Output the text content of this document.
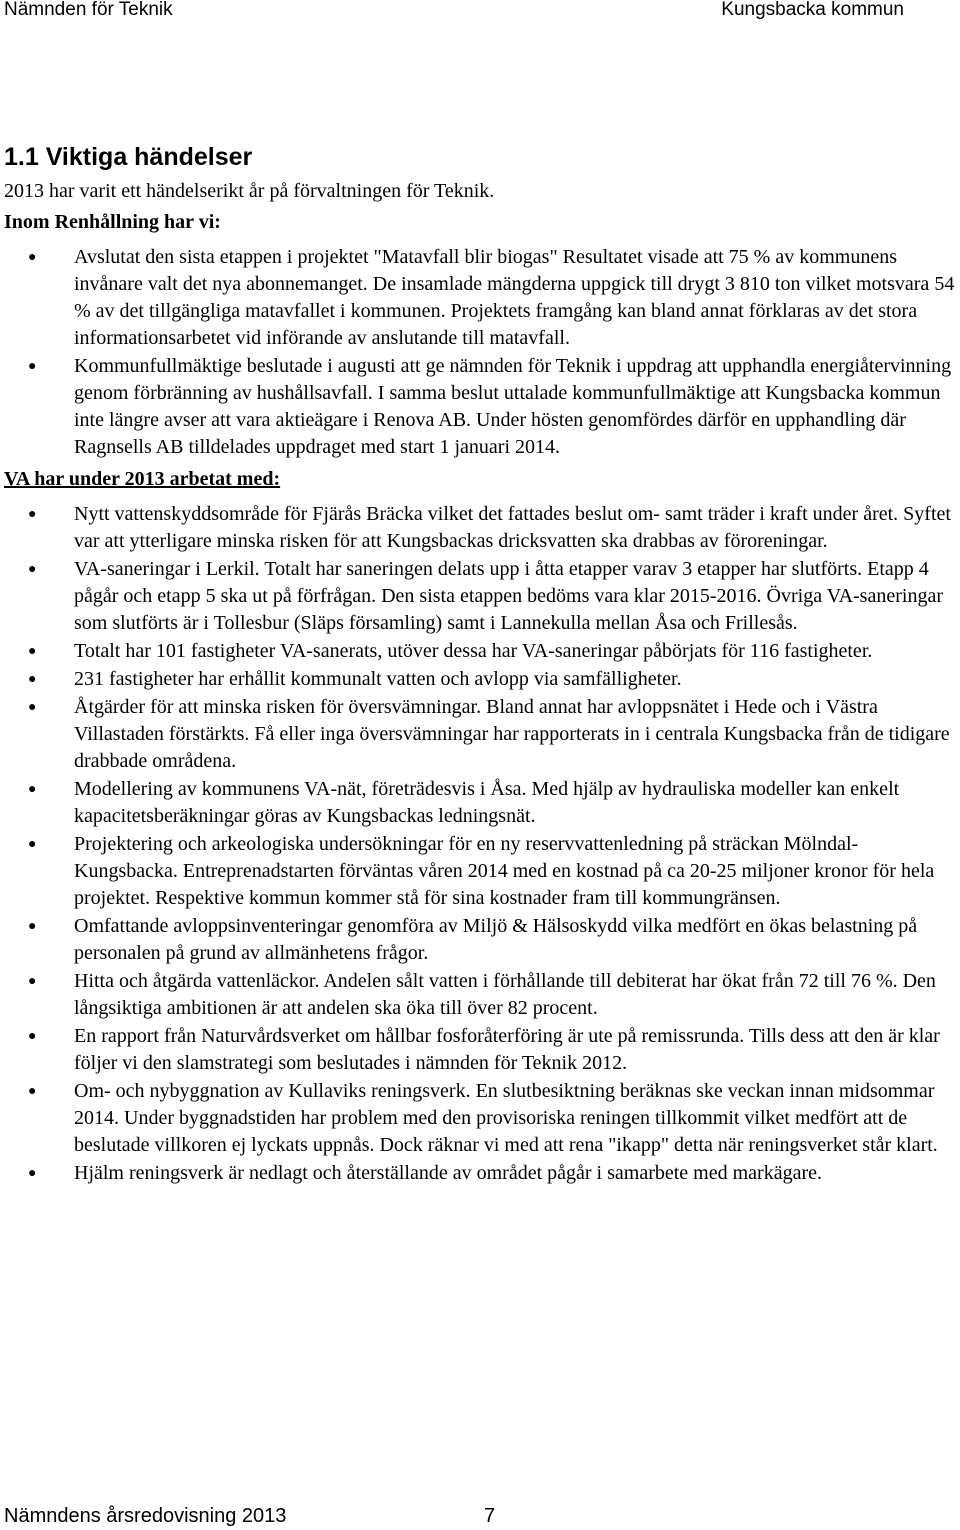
Nämnden för Teknik	Kungsbacka kommun
1.1 Viktiga händelser

2013 har varit ett händelserikt år på förvaltningen för Teknik.

Inom Renhållning har vi:

● Avslutat den sista etappen i projektet "Matavfall blir biogas" Resultatet visade att 75 % av kommunens invånare valt det nya abonnemanget. De insamlade mängderna uppgick till drygt 3 810 ton vilket motsvara 54 % av det tillgängliga matavfallet i kommunen. Projektets framgång kan bland annat förklaras av det stora informationsarbetet vid införande av anslutande till matavfall.
● Kommunfullmäktige beslutade i augusti att ge nämnden för Teknik i uppdrag att upphandla energiåtervinning genom förbränning av hushållsavfall. I samma beslut uttalade kommunfullmäktige att Kungsbacka kommun inte längre avser att vara aktieägare i Renova AB. Under hösten genomfördes därför en upphandling där Ragnsells AB tilldelades uppdraget med start 1 januari 2014.

VA har under 2013 arbetat med:

● Nytt vattenskyddsområde för Fjärås Bräcka vilket det fattades beslut om- samt träder i kraft under året. Syftet var att ytterligare minska risken för att Kungsbackas dricksvatten ska drabbas av föroreningar.
● VA-saneringar i Lerkil. Totalt har saneringen delats upp i åtta etapper varav 3 etapper har slutförts. Etapp 4 pågår och etapp 5 ska ut på förfrågan. Den sista etappen bedöms vara klar 2015-2016. Övriga VA-saneringar som slutförts är i Tollesbur (Släps församling) samt i Lannekulla mellan Åsa och Frillesås.
● Totalt har 101 fastigheter VA-sanerats, utöver dessa har VA-saneringar påbörjats för 116 fastigheter.
● 231 fastigheter har erhållit kommunalt vatten och avlopp via samfälligheter.
● Åtgärder för att minska risken för översvämningar. Bland annat har avloppsnätet i Hede och i Västra Villastaden förstärkts. Få eller inga översvämningar har rapporterats in i centrala Kungsbacka från de tidigare drabbade områdena.
● Modellering av kommunens VA-nät, företrädesvis i Åsa. Med hjälp av hydrauliska modeller kan enkelt kapacitetsberäkningar göras av Kungsbackas ledningsnät.
● Projektering och arkeologiska undersökningar för en ny reservvattenledning på sträckan Mölndal-Kungsbacka. Entreprenadstarten förväntas våren 2014 med en kostnad på ca 20-25 miljoner kronor för hela projektet. Respektive kommun kommer stå för sina kostnader fram till kommungränsen.
● Omfattande avloppsinventeringar genomföra av Miljö & Hälsoskydd vilka medfört en ökas belastning på personalen på grund av allmänhetens frågor.
● Hitta och åtgärda vattenläckor. Andelen sålt vatten i förhållande till debiterat har ökat från 72 till 76 %. Den långsiktiga ambitionen är att andelen ska öka till över 82 procent.
● En rapport från Naturvårdsverket om hållbar fosforåterföring är ute på remissrunda. Tills dess att den är klar följer vi den slamstrategi som beslutades i nämnden för Teknik 2012.
● Om- och nybyggnation av Kullaviks reningsverk. En slutbesiktning beräknas ske veckan innan midsommar 2014. Under byggnadstiden har problem med den provisoriska reningen tillkommit vilket medfört att de beslutade villkoren ej lyckats uppnås. Dock räknar vi med att rena "ikapp" detta när reningsverket står klart.
● Hjälm reningsverk är nedlagt och återställande av området pågår i samarbete med markägare.
Nämndens årsredovisning 2013	7
